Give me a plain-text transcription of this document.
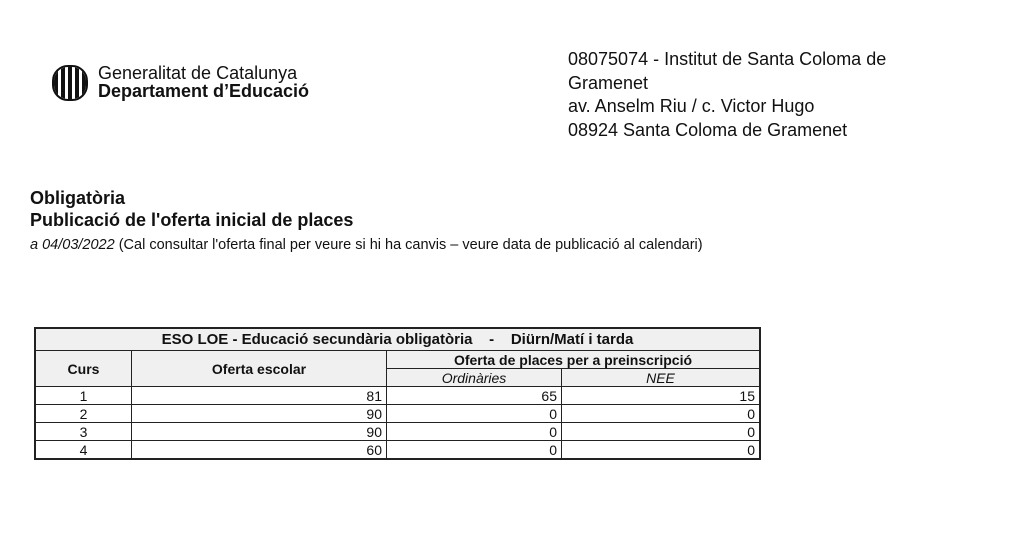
Generalitat de Catalunya
Departament d’Educació
08075074 - Institut de Santa Coloma de
Gramenet
av. Anselm Riu / c. Victor Hugo
08924 Santa Coloma de Gramenet
Obligatòria
Publicació de l'oferta inicial de places
a 04/03/2022 (Cal consultar l'oferta final per veure si hi ha canvis – veure data de publicació al calendari)
ESO LOE - Educació secundària obligatòria    -    Diürn/Matí i tarda			
Curs	Oferta escolar	Oferta de places per a preinscripció	
		Ordinàries	NEE
1	81	65	15
2	90	0	0
3	90	0	0
4	60	0	0
